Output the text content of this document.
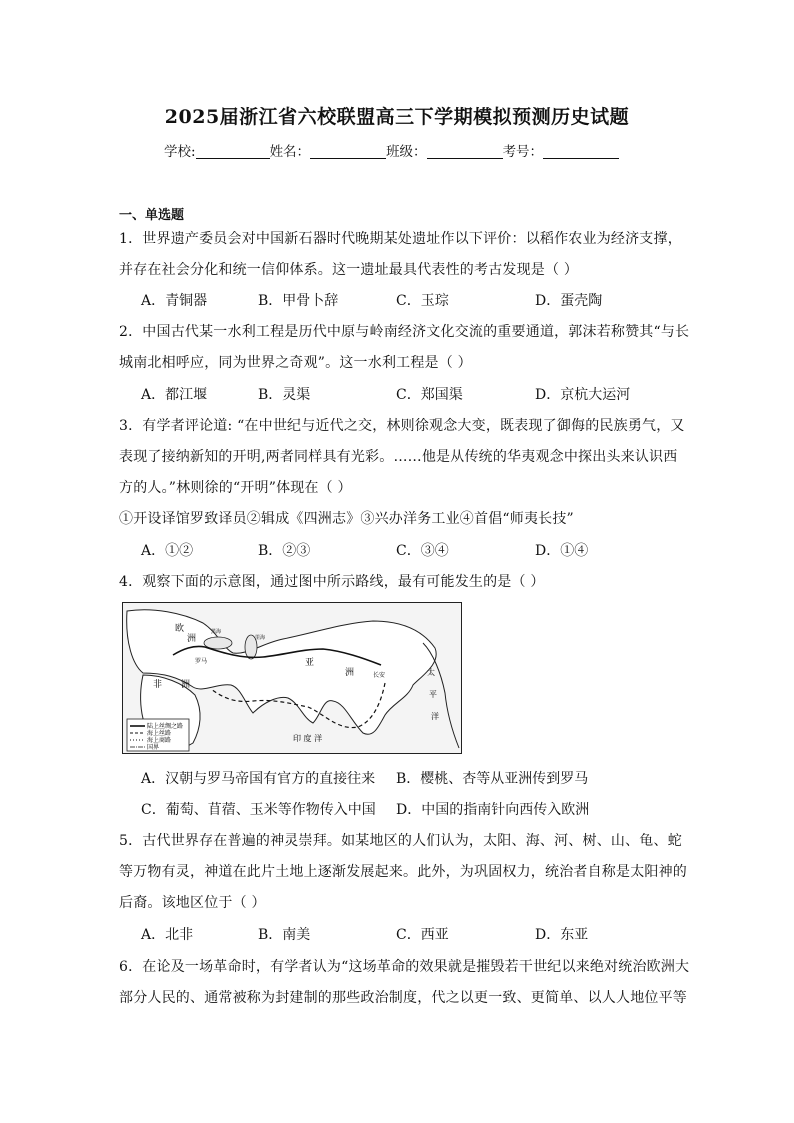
2025届浙江省六校联盟高三下学期模拟预测历史试题
学校:	姓名：	班级：	考号：
一、单选题
1．世界遗产委员会对中国新石器时代晚期某处遗址作以下评价：以稻作农业为经济支撑，
并存在社会分化和统一信仰体系。这一遗址最具代表性的考古发现是（ ）
A．青铜器	B．甲骨卜辞	C．玉琮	D．蛋壳陶
2．中国古代某一水利工程是历代中原与岭南经济文化交流的重要通道，郭沫若称赞其“与长
城南北相呼应，同为世界之奇观”。这一水利工程是（ ）
A．都江堰	B．灵渠	C．郑国渠	D．京杭大运河
3．有学者评论道: “在中世纪与近代之交，林则徐观念大变，既表现了御侮的民族勇气，又
表现了接纳新知的开明,两者同样具有光彩。……他是从传统的华夷观念中探出头来认识西
方的人。”林则徐的“开明”体现在（ ）
①开设译馆罗致译员②辑成《四洲志》③兴办洋务工业④首倡“师夷长技”
A．①②	B．②③	C．③④	D．①④
4．观察下面的示意图，通过图中所示路线，最有可能发生的是（ ）
陆上丝绸之路
海上丝路
海上商路
国界
欧
洲
罗马
非 洲
亚
洲	长安	太
平
洋
印 度 洋
黑海
里海
A．汉朝与罗马帝国有官方的直接往来 B．樱桃、杏等从亚洲传到罗马
C．葡萄、苜蓿、玉米等作物传入中国 D．中国的指南针向西传入欧洲
5．古代世界存在普遍的神灵崇拜。如某地区的人们认为，太阳、海、河、树、山、龟、蛇
等万物有灵，神道在此片土地上逐渐发展起来。此外，为巩固权力，统治者自称是太阳神的
后裔。该地区位于（ ）
A．北非	B．南美	C．西亚	D．东亚
6．在论及一场革命时，有学者认为“这场革命的效果就是摧毁若干世纪以来绝对统治欧洲大
部分人民的、通常被称为封建制的那些政治制度，代之以更一致、更简单、以人人地位平等
